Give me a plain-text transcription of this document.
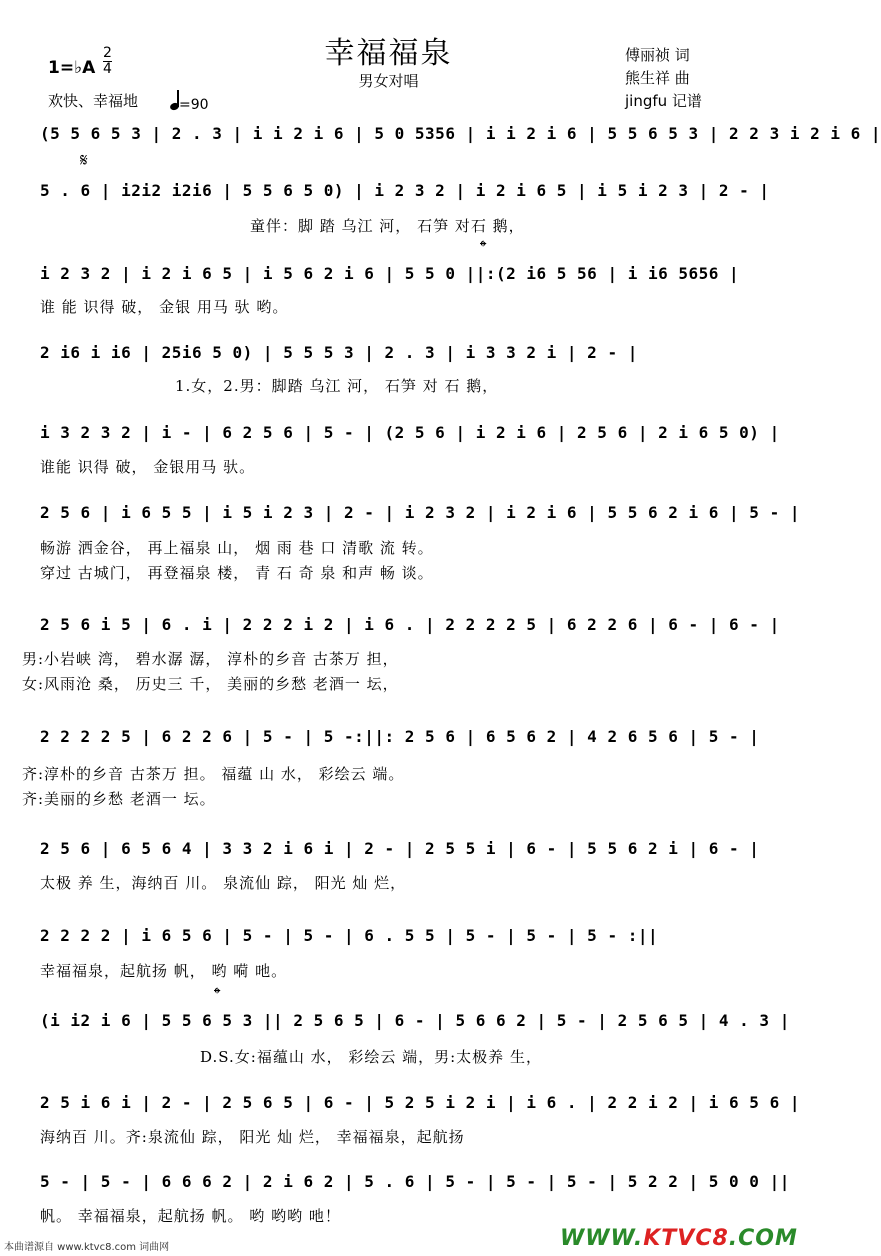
幸福福泉
男女对唱
1=♭A
2
4
欢快、幸福地	=90
傅丽祯 词
熊生祥 曲
jingfu 记谱
(5 5 6 5 3 | 2 . 3 | i i 2 i 6 | 5 0 5356 | i i 2 i 6 | 5 5 6 5 3 | 2 2 3 i 2 i 6 |
𝄋
5 . 6 | i2i2 i2i6 | 5 5 6 5 0) | i 2 3 2 | i 2 i 6 5 | i 5 i 2 3 | 2 - |
童伴：脚 踏 乌江 河， 石笋 对石 鹅，
𝄌
i 2 3 2 | i 2 i 6 5 | i 5 6 2 i 6 | 5 5 0 ||:(2 i6 5 56 | i i6 5656 |
谁 能 识得 破， 金银 用马 驮 哟。
2 i6 i i6 | 25i6 5 0) | 5 5 5 3 | 2 . 3 | i 3 3 2 i | 2 - |
1.女，2.男：脚踏 乌江 河， 石笋 对 石 鹅，
i 3 2 3 2 | i - | 6 2 5 6 | 5 - | (2 5 6 | i 2 i 6 | 2 5 6 | 2 i 6 5 0) |
谁能 识得 破， 金银用马 驮。
2 5 6 | i 6 5 5 | i 5 i 2 3 | 2 - | i 2 3 2 | i 2 i 6 | 5 5 6 2 i 6 | 5 - |
畅游 洒金谷， 再上福泉 山， 烟 雨 巷 口 清歌 流 转。
穿过 古城门， 再登福泉 楼， 青 石 奇 泉 和声 畅 谈。
2 5 6 i 5 | 6 . i | 2 2 2 i 2 | i 6 . | 2 2 2 2 5 | 6 2 2 6 | 6 - | 6 - |
男:小岩峡 湾， 碧水潺 潺， 淳朴的乡音 古茶万 担，
女:风雨沧 桑， 历史三 千， 美丽的乡愁 老酒一 坛，
2 2 2 2 5 | 6 2 2 6 | 5 - | 5 -:||: 2 5 6 | 6 5 6 2 | 4 2 6 5 6 | 5 - |
齐:淳朴的乡音 古茶万 担。 福蕴 山 水， 彩绘云 端。
齐:美丽的乡愁 老酒一 坛。
2 5 6 | 6 5 6 4 | 3 3 2 i 6 i | 2 - | 2 5 5 i | 6 - | 5 5 6 2 i | 6 - |
太极 养 生，海纳百 川。 泉流仙 踪， 阳光 灿 烂，
2 2 2 2 | i 6 5 6 | 5 - | 5 - | 6 . 5 5 | 5 - | 5 - | 5 - :||
幸福福泉，起航扬 帆， 哟 嗬 吔。
𝄌
(i i2 i 6 | 5 5 6 5 3 || 2 5 6 5 | 6 - | 5 6 6 2 | 5 - | 2 5 6 5 | 4 . 3 |
D.S.女:福蕴山 水， 彩绘云 端，男:太极养 生，
2 5 i 6 i | 2 - | 2 5 6 5 | 6 - | 5 2 5 i 2 i | i 6 . | 2 2 i 2 | i 6 5 6 |
海纳百 川。齐:泉流仙 踪， 阳光 灿 烂， 幸福福泉，起航扬
5 - | 5 - | 6 6 6 2 | 2 i 6 2 | 5 . 6 | 5 - | 5 - | 5 - | 5 2 2 | 5 0 0 ||
帆。 幸福福泉，起航扬 帆。 哟 哟哟 吔！
本曲谱源自 www.ktvc8.com 词曲网	WWW.KTVC8.COM
